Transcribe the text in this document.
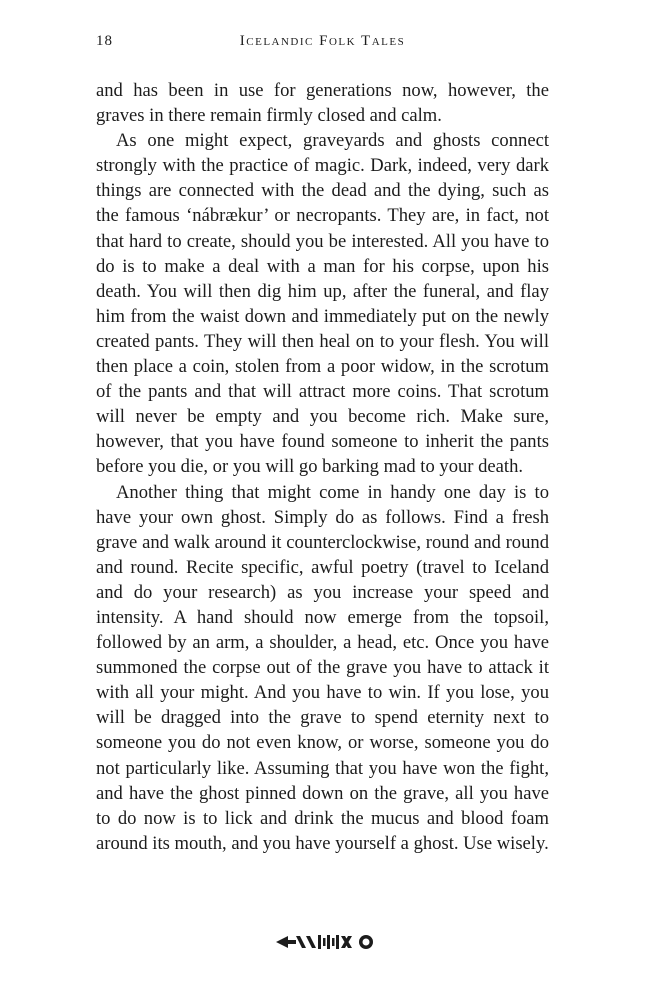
18	Icelandic Folk Tales

and has been in use for generations now, however, the graves in there remain firmly closed and calm.

As one might expect, graveyards and ghosts connect strongly with the practice of magic. Dark, indeed, very dark things are connected with the dead and the dying, such as the famous ‘nábrækur’ or necropants. They are, in fact, not that hard to create, should you be interested. All you have to do is to make a deal with a man for his corpse, upon his death. You will then dig him up, after the funeral, and flay him from the waist down and immediately put on the newly created pants. They will then heal on to your flesh. You will then place a coin, stolen from a poor widow, in the scrotum of the pants and that will attract more coins. That scrotum will never be empty and you become rich. Make sure, however, that you have found someone to inherit the pants before you die, or you will go barking mad to your death.

Another thing that might come in handy one day is to have your own ghost. Simply do as follows. Find a fresh grave and walk around it counterclockwise, round and round and round. Recite specific, awful poetry (travel to Iceland and do your research) as you increase your speed and intensity. A hand should now emerge from the topsoil, followed by an arm, a shoulder, a head, etc. Once you have summoned the corpse out of the grave you have to attack it with all your might. And you have to win. If you lose, you will be dragged into the grave to spend eternity next to someone you do not even know, or worse, someone you do not particularly like. Assuming that you have won the fight, and have the ghost pinned down on the grave, all you have to do now is to lick and drink the mucus and blood foam around its mouth, and you have yourself a ghost. Use wisely.
